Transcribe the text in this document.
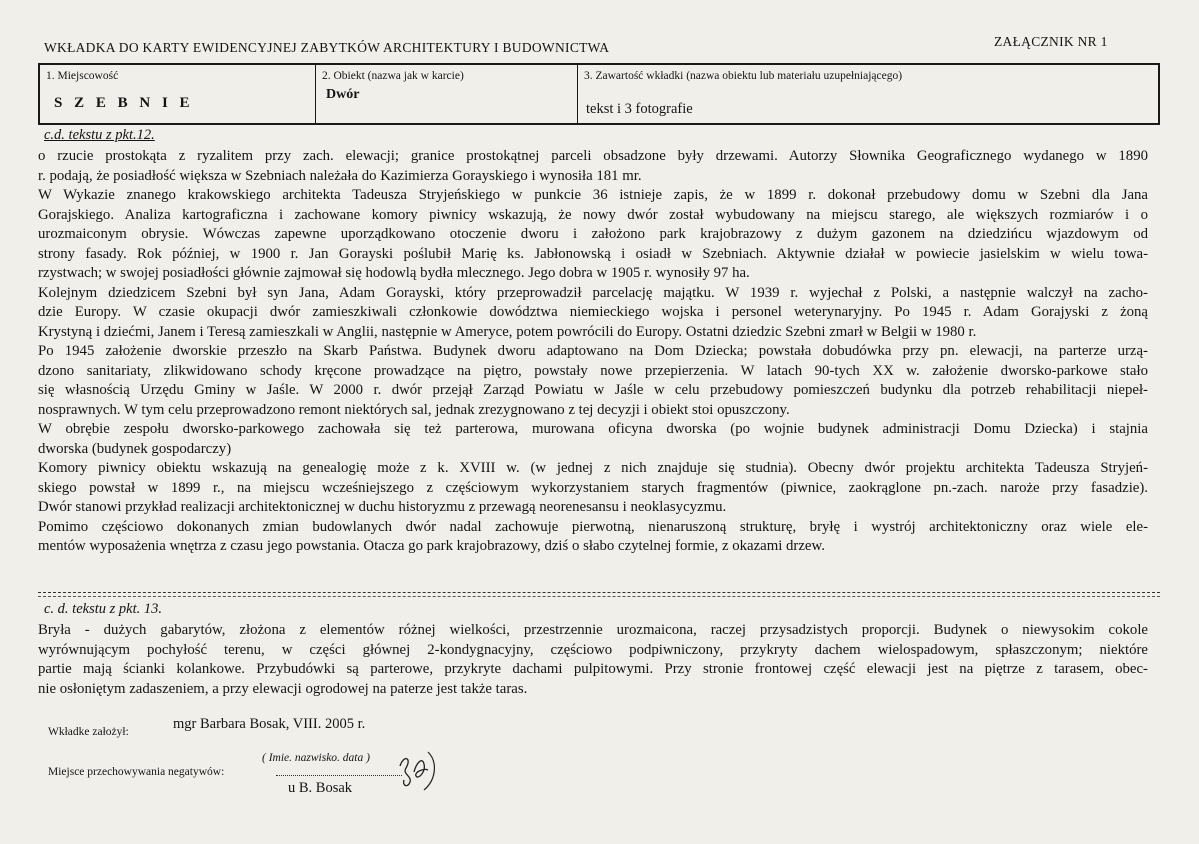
WKŁADKA DO KARTY EWIDENCYJNEJ ZABYTKÓW ARCHITEKTURY I BUDOWNICTWA	ZAŁĄCZNIK NR 1
1. Miejscowość
S Z E B N I E
2. Obiekt (nazwa jak w karcie)
Dwór
3. Zawartość wkładki (nazwa obiektu lub materiału uzupełniającego)
tekst i 3 fotografie
c.d. tekstu z pkt.12.
o rzucie prostokąta z ryzalitem przy zach. elewacji; granice prostokątnej parceli obsadzone były drzewami. Autorzy Słownika Geograficznego wydanego w 1890
r. podają, że posiadłość większa w Szebniach należała do Kazimierza Gorayskiego i wynosiła 181 mr.
W Wykazie znanego krakowskiego architekta Tadeusza Stryjeńskiego w punkcie 36 istnieje zapis, że w 1899 r. dokonał przebudowy domu w Szebni dla Jana
Gorajskiego. Analiza kartograficzna i zachowane komory piwnicy wskazują, że nowy dwór został wybudowany na miejscu starego, ale większych rozmiarów i o
urozmaiconym obrysie. Wówczas zapewne uporządkowano otoczenie dworu i założono park krajobrazowy z dużym gazonem na dziedzińcu wjazdowym od
strony fasady. Rok później, w 1900 r. Jan Gorayski poślubił Marię ks. Jabłonowską i osiadł w Szebniach. Aktywnie działał w powiecie jasielskim w wielu towa-
rzystwach; w swojej posiadłości głównie zajmował się hodowlą bydła mlecznego. Jego dobra w 1905 r. wynosiły 97 ha.
Kolejnym dziedzicem Szebni był syn Jana, Adam Gorayski, który przeprowadził parcelację majątku. W 1939 r. wyjechał z Polski, a następnie walczył na zacho-
dzie Europy. W czasie okupacji dwór zamieszkiwali członkowie dowództwa niemieckiego wojska i personel weterynaryjny. Po 1945 r. Adam Gorajyski z żoną
Krystyną i dziećmi, Janem i Teresą zamieszkali w Anglii, następnie w Ameryce, potem powrócili do Europy. Ostatni dziedzic Szebni zmarł w Belgii w 1980 r.
Po 1945 założenie dworskie przeszło na Skarb Państwa. Budynek dworu adaptowano na Dom Dziecka; powstała dobudówka przy pn. elewacji, na parterze urzą-
dzono sanitariaty, zlikwidowano schody kręcone prowadzące na piętro, powstały nowe przepierzenia. W latach 90-tych XX w. założenie dworsko-parkowe stało
się własnością Urzędu Gminy w Jaśle. W 2000 r. dwór przejął Zarząd Powiatu w Jaśle w celu przebudowy pomieszczeń budynku dla potrzeb rehabilitacji niepeł-
nosprawnych. W tym celu przeprowadzono remont niektórych sal, jednak zrezygnowano z tej decyzji i obiekt stoi opuszczony.
W obrębie zespołu dworsko-parkowego zachowała się też parterowa, murowana oficyna dworska (po wojnie budynek administracji Domu Dziecka) i stajnia
dworska (budynek gospodarczy)
Komory piwnicy obiektu wskazują na genealogię może z k. XVIII w. (w jednej z nich znajduje się studnia). Obecny dwór projektu architekta Tadeusza Stryjeń-
skiego powstał w 1899 r., na miejscu wcześniejszego z częściowym wykorzystaniem starych fragmentów (piwnice, zaokrąglone pn.-zach. naroże przy fasadzie).
Dwór stanowi przykład realizacji architektonicznej w duchu historyzmu z przewagą neorenesansu i neoklasycyzmu.
Pomimo częściowo dokonanych zmian budowlanych dwór nadal zachowuje pierwotną, nienaruszoną strukturę, bryłę i wystrój architektoniczny oraz wiele ele-
mentów wyposażenia wnętrza z czasu jego powstania. Otacza go park krajobrazowy, dziś o słabo czytelnej formie, z okazami drzew.
c. d. tekstu z pkt. 13.
Bryła - dużych gabarytów, złożona z elementów różnej wielkości, przestrzennie urozmaicona, raczej przysadzistych proporcji. Budynek o niewysokim cokole
wyrównującym pochyłość terenu, w części głównej 2-kondygnacyjny, częściowo podpiwniczony, przykryty dachem wielospadowym, spłaszczonym; niektóre
partie mają ścianki kolankowe. Przybudówki są parterowe, przykryte dachami pulpitowymi. Przy stronie frontowej część elewacji jest na piętrze z tarasem, obec-
nie osłoniętym zadaszeniem, a przy elewacji ogrodowej na paterze jest także taras.
Wkładke założył:	mgr Barbara Bosak, VIII. 2005 r.
( Imie. nazwisko. data )
Miejsce przechowywania negatywów:
u B. Bosak
